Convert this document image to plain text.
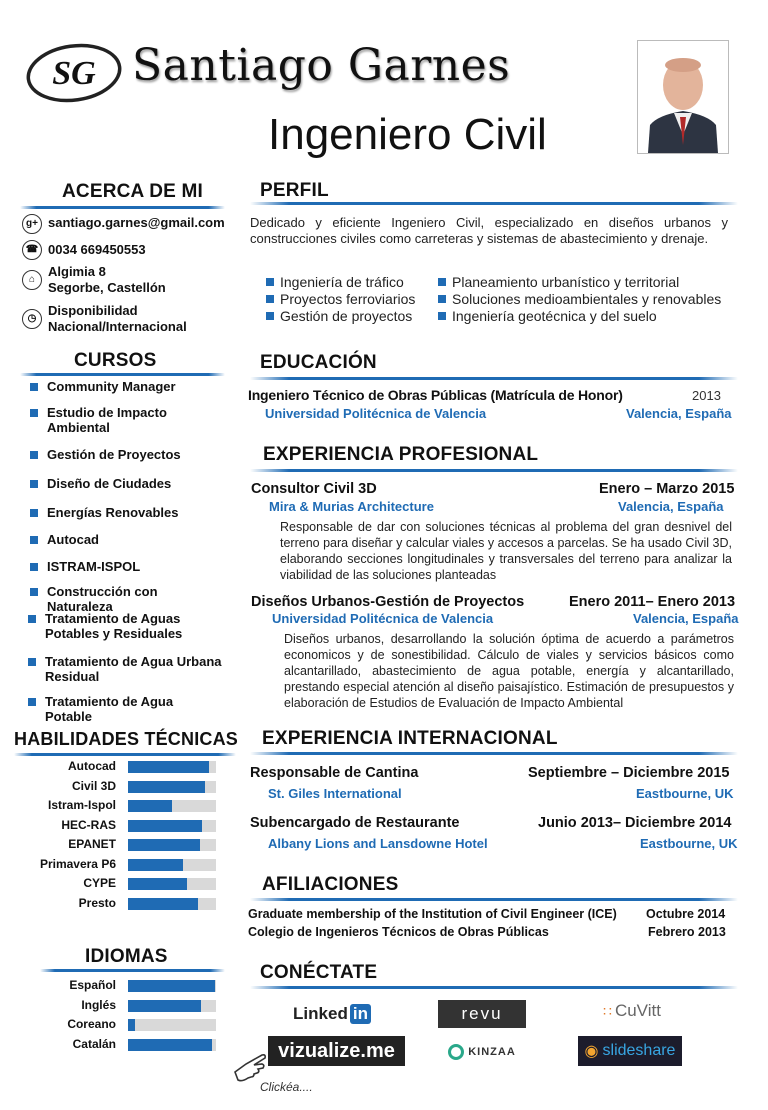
SG Santiago Garnes
Ingeniero Civil
ACERCA DE MI
g+ santiago.garnes@gmail.com
☎ 0034 669450553
⌂
Algimia 8
Segorbe, Castellón
◷
Disponibilidad
Nacional/Internacional
CURSOS
Community Manager
Estudio de Impacto Ambiental
Gestión de Proyectos
Diseño de Ciudades
Energías Renovables
Autocad
ISTRAM-ISPOL
Construcción con Naturaleza
Tratamiento de Aguas Potables y Residuales
Tratamiento de Agua Urbana Residual
Tratamiento de Agua Potable
HABILIDADES TÉCNICAS
Autocad
Civil 3D
Istram-Ispol
HEC-RAS
EPANET
Primavera P6
CYPE
Presto
IDIOMAS
Español
Inglés
Coreano
Catalán
PERFIL
Dedicado y eficiente Ingeniero Civil, especializado en diseños urbanos y construcciones civiles como carreteras y sistemas de abastecimiento y drenaje.
Ingeniería de tráfico
Proyectos ferroviarios
Gestión de proyectos
Planeamiento urbanístico y territorial
Soluciones medioambientales y renovables
Ingeniería geotécnica y del suelo
EDUCACIÓN
Ingeniero Técnico de Obras Públicas (Matrícula de Honor)	2013
Universidad Politécnica de Valencia	Valencia, España
EXPERIENCIA PROFESIONAL
Consultor Civil 3D	Enero – Marzo 2015
Mira & Murias Architecture	Valencia, España
Responsable de dar con soluciones técnicas al problema del gran desnivel del terreno para diseñar y calcular viales y accesos a parcelas. Se ha usado Civil 3D, elaborando secciones longitudinales y transversales del terreno para analizar la viabilidad de las soluciones planteadas
Diseños Urbanos-Gestión de Proyectos	Enero 2011– Enero 2013
Universidad Politécnica de Valencia	Valencia, España
Diseños urbanos, desarrollando la solución óptima de acuerdo a parámetros economicos y de sonestibilidad. Cálculo de viales y servicios básicos como alcantarillado, abastecimiento de agua potable, energía y alcantarillado, prestando especial atención al diseño paisajístico. Estimación de presupuestos y elaboración de Estudios de Evaluación de Impacto Ambiental
EXPERIENCIA INTERNACIONAL
Responsable de Cantina	Septiembre – Diciembre 2015
St. Giles International	Eastbourne, UK
Subencargado de Restaurante	Junio 2013– Diciembre 2014
Albany Lions and Lansdowne Hotel	Eastbourne, UK
AFILIACIONES
Graduate membership of the Institution of Civil Engineer (ICE) Octubre 2014
Colegio de Ingenieros Técnicos de Obras Públicas	Febrero 2013
CONÉCTATE
Linked in	revu	∷ CuVitt
vizualize.me	KINZAA	◉ slideshare
Clickéa....
